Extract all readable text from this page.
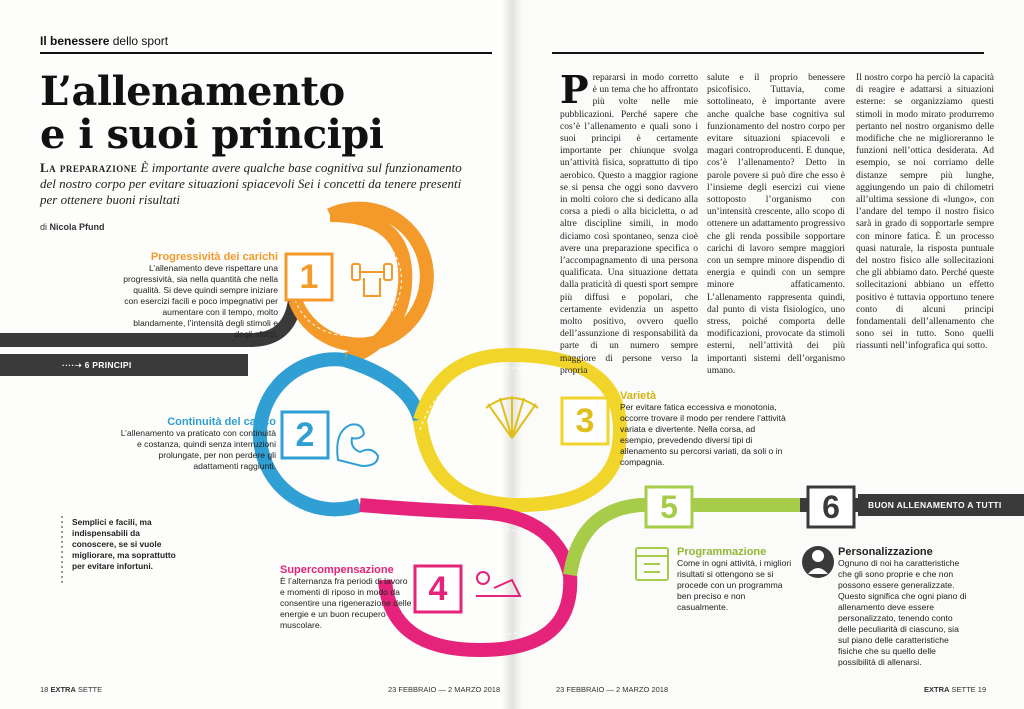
Il benessere dello sport
L’allenamento
e i suoi principi
La preparazione È importante avere qualche base cognitiva sul funzionamento del nostro corpo per evitare situazioni spiacevoli Sei i concetti da tenere presenti per ottenere buoni risultati
di Nicola Pfund
1
2	3
4
5	6
Progressività dei carichi
L’allenamento deve rispettare una progressività, sia nella quantità che nella qualità. Si deve quindi sempre iniziare con esercizi facili e poco impegnativi per aumentare con il tempo, molto blandamente, l’intensità degli stimoli e degli sforzi.
Continuità del carico
L’allenamento va praticato con continuità e costanza, quindi senza interruzioni prolungate, per non perdere gli adattamenti raggiunti.
Varietà
Per evitare fatica eccessiva e monotonia, occorre trovare il modo per rendere l’attività variata e divertente. Nella corsa, ad esempio, prevedendo diversi tipi di allenamento su percorsi variati, da soli o in compagnia.
Supercompensazione
È l’alternanza fra periodi di lavoro e momenti di riposo in modo da consentire una rigenerazione delle energie e un buon recupero muscolare.
Programmazione
Come in ogni attività, i migliori risultati si ottengono se si procede con un programma ben preciso e non casualmente.
Personalizzazione
Ognuno di noi ha caratteristiche che gli sono proprie e che non possono essere generalizzate. Questo significa che ogni piano di allenamento deve essere personalizzato, tenendo conto delle peculiarità di ciascuno, sia sul piano delle caratteristiche fisiche che su quello delle possibilità di allenarsi.
····➝ 6 PRINCIPI
BUON ALLENAMENTO A TUTTI ····➝
Semplici e facili, ma indispensabili da conoscere, se si vuole migliorare, ma soprattutto per evitare infortuni.
Prepararsi in modo corretto è un tema che ho affrontato più volte nelle mie pubblicazioni. Perché sapere che cos’è l’allenamento e quali sono i suoi principi è certamente importante per chiunque svolga un’attività fisica, soprattutto di tipo aerobico. Questo a maggior ragione se si pensa che oggi sono davvero in molti coloro che si dedicano alla corsa a piedi o alla bicicletta, o ad altre discipline simili, in modo diciamo così spontaneo, senza cioè avere una preparazione specifica o l’accompagnamento di una persona qualificata. Una situazione dettata dalla praticità di questi sport sempre più diffusi e popolari, che certamente evidenzia un aspetto molto positivo, ovvero quello dell’assunzione di responsabilità da parte di un numero sempre maggiore di persone verso la propria
salute e il proprio benessere psicofisico. Tuttavia, come sottolineato, è importante avere anche qualche base cognitiva sul funzionamento del nostro corpo per evitare situazioni spiacevoli e magari controproducenti. E dunque, cos’è l’allenamento? Detto in parole povere si può dire che esso è l’insieme degli esercizi cui viene sottoposto l’organismo con un’intensità crescente, allo scopo di ottenere un adattamento progressivo che gli renda possibile sopportare carichi di lavoro sempre maggiori con un sempre minore dispendio di energia e quindi con un sempre minore affaticamento. L’allenamento rappresenta quindi, dal punto di vista fisiologico, uno stress, poiché comporta delle modificazioni, provocate da stimoli esterni, nell’attività dei più importanti sistemi dell’organismo umano.
Il nostro corpo ha perciò la capacità di reagire e adattarsi a situazioni esterne: se organizziamo questi stimoli in modo mirato produrremo pertanto nel nostro organismo delle modifiche che ne miglioreranno le funzioni nell’ottica desiderata. Ad esempio, se noi corriamo delle distanze sempre più lunghe, aggiungendo un paio di chilometri all’ultima sessione di «lungo», con l’andare del tempo il nostro fisico sarà in grado di sopportarle sempre con minore fatica. È un processo quasi naturale, la risposta puntuale del nostro fisico alle sollecitazioni che gli abbiamo dato. Perché queste sollecitazioni abbiano un effetto positivo è tuttavia opportuno tenere conto di alcuni principi fondamentali dell’allenamento che sono sei in tutto. Sono quelli riassunti nell’infografica qui sotto.
18 EXTRA SETTE	23 FEBBRAIO — 2 MARZO 2018	23 FEBBRAIO — 2 MARZO 2018	EXTRA SETTE 19
